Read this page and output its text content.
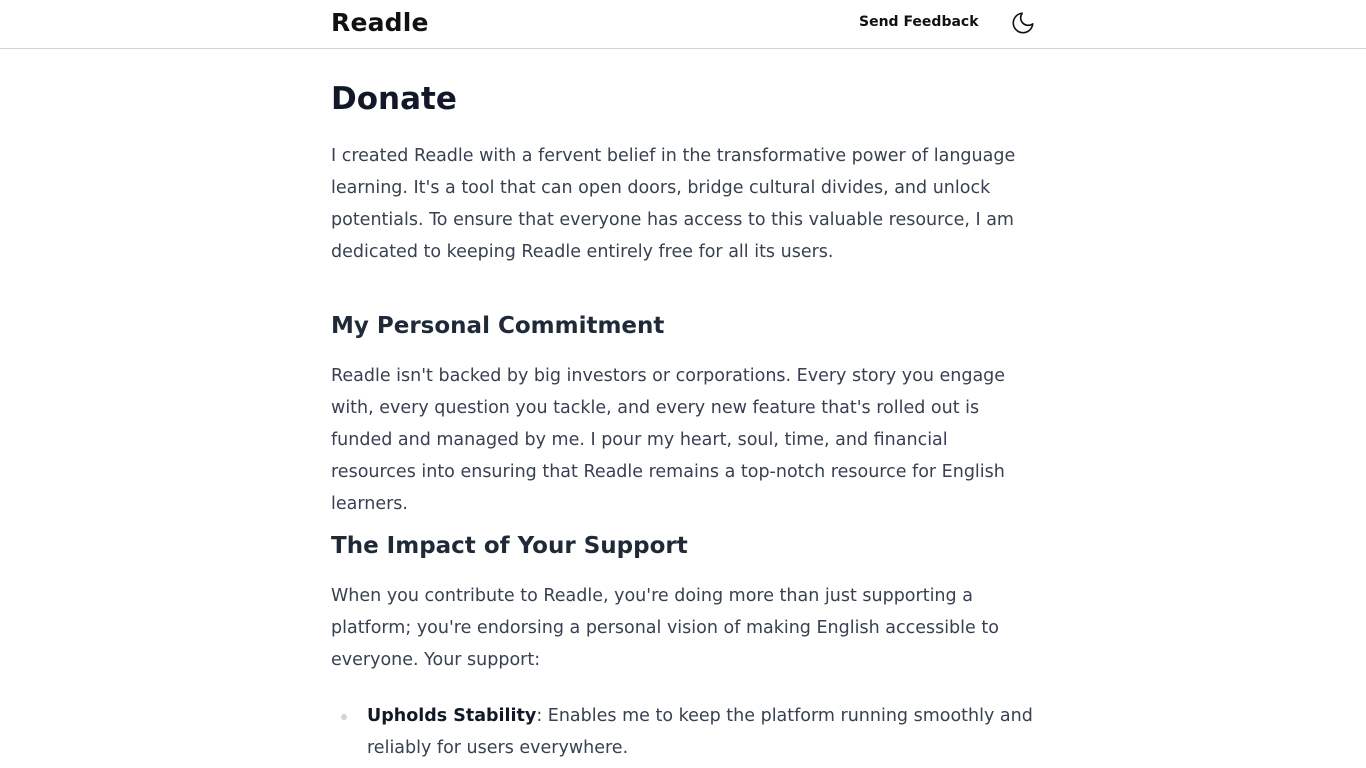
Readle	Send Feedback
Donate

I created Readle with a fervent belief in the transformative power of language learning. It's a tool that can open doors, bridge cultural divides, and unlock potentials. To ensure that everyone has access to this valuable resource, I am dedicated to keeping Readle entirely free for all its users.

My Personal Commitment

Readle isn't backed by big investors or corporations. Every story you engage with, every question you tackle, and every new feature that's rolled out is funded and managed by me. I pour my heart, soul, time, and financial resources into ensuring that Readle remains a top-notch resource for English learners.

The Impact of Your Support

When you contribute to Readle, you're doing more than just supporting a platform; you're endorsing a personal vision of making English accessible to everyone. Your support:

Upholds Stability: Enables me to keep the platform running smoothly and reliably for users everywhere.
